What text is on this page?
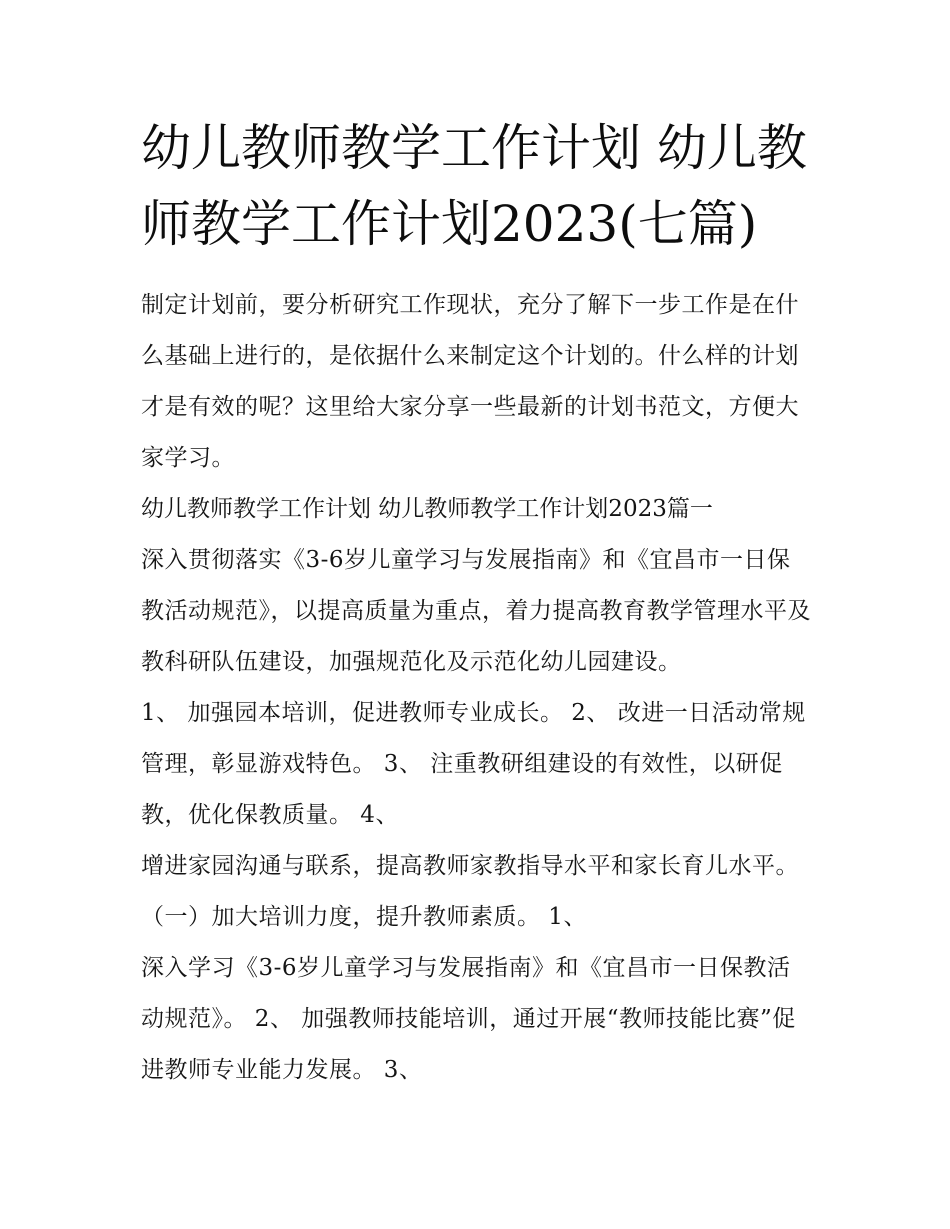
幼儿教师教学工作计划 幼儿教师教学工作计划2023(七篇)

制定计划前，要分析研究工作现状，充分了解下一步工作是在什么基础上进行的，是依据什么来制定这个计划的。什么样的计划才是有效的呢？这里给大家分享一些最新的计划书范文，方便大家学习。

幼儿教师教学工作计划 幼儿教师教学工作计划2023篇一

深入贯彻落实《3-6岁儿童学习与发展指南》和《宜昌市一日保教活动规范》，以提高质量为重点，着力提高教育教学管理水平及教科研队伍建设，加强规范化及示范化幼儿园建设。

1、 加强园本培训，促进教师专业成长。 2、 改进一日活动常规管理，彰显游戏特色。 3、 注重教研组建设的有效性，以研促教，优化保教质量。 4、

增进家园沟通与联系，提高教师家教指导水平和家长育儿水平。 （一）加大培训力度，提升教师素质。 1、

深入学习《3-6岁儿童学习与发展指南》和《宜昌市一日保教活动规范》。 2、 加强教师技能培训，通过开展“教师技能比赛”促进教师专业能力发展。 3、
